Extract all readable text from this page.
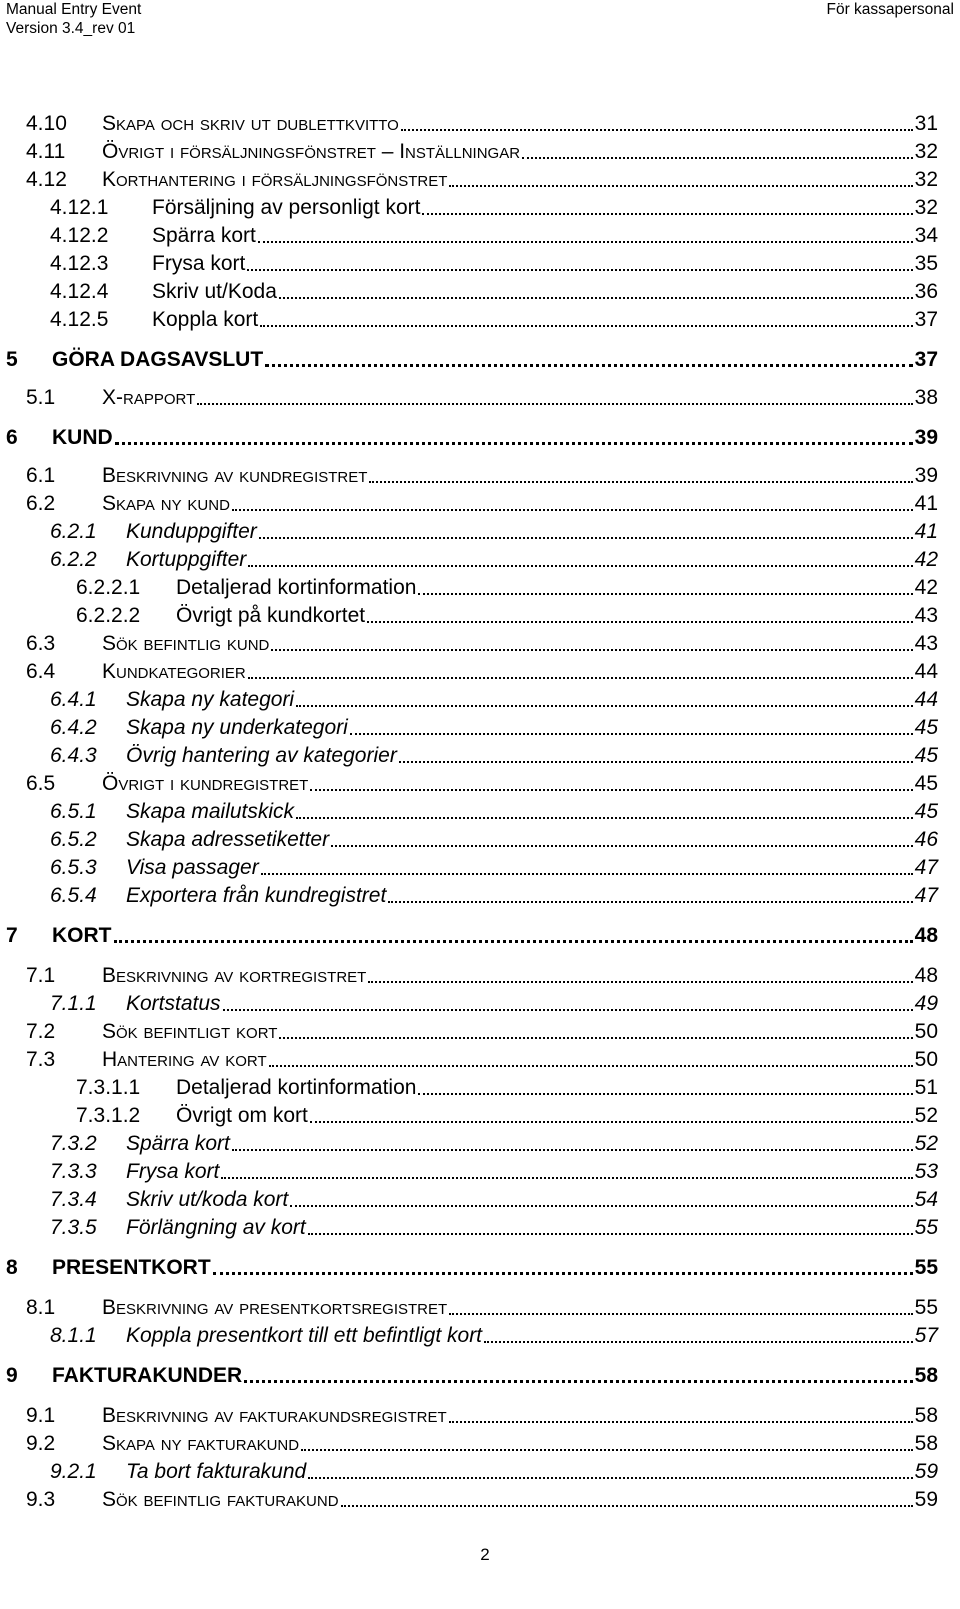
Manual Entry Event
Version 3.4_rev 01
För kassapersonal
4.10	Skapa och skriv ut dublettkvitto	31
4.11	Övrigt i försäljningsfönstret – Inställningar	32
4.12	Korthantering i försäljningsfönstret	32
4.12.1	Försäljning av personligt kort	32
4.12.2	Spärra kort	34
4.12.3	Frysa kort	35
4.12.4	Skriv ut/Koda	36
4.12.5	Koppla kort	37
5	GÖRA DAGSAVSLUT	37
5.1	X-rapport	38
6	KUND	39
6.1	Beskrivning av kundregistret	39
6.2	Skapa ny kund	41
6.2.1	Kunduppgifter	41
6.2.2	Kortuppgifter	42
6.2.2.1	Detaljerad kortinformation	42
6.2.2.2	Övrigt på kundkortet	43
6.3	Sök befintlig kund	43
6.4	Kundkategorier	44
6.4.1	Skapa ny kategori	44
6.4.2	Skapa ny underkategori	45
6.4.3	Övrig hantering av kategorier	45
6.5	Övrigt i kundregistret	45
6.5.1	Skapa mailutskick	45
6.5.2	Skapa adressetiketter	46
6.5.3	Visa passager	47
6.5.4	Exportera från kundregistret	47
7	KORT	48
7.1	Beskrivning av kortregistret	48
7.1.1	Kortstatus	49
7.2	Sök befintligt kort	50
7.3	Hantering av kort	50
7.3.1.1	Detaljerad kortinformation	51
7.3.1.2	Övrigt om kort	52
7.3.2	Spärra kort	52
7.3.3	Frysa kort	53
7.3.4	Skriv ut/koda kort	54
7.3.5	Förlängning av kort	55
8	PRESENTKORT	55
8.1	Beskrivning av presentkortsregistret	55
8.1.1	Koppla presentkort till ett befintligt kort	57
9	FAKTURAKUNDER	58
9.1	Beskrivning av fakturakundsregistret	58
9.2	Skapa ny fakturakund	58
9.2.1	Ta bort fakturakund	59
9.3	Sök befintlig fakturakund	59
2
